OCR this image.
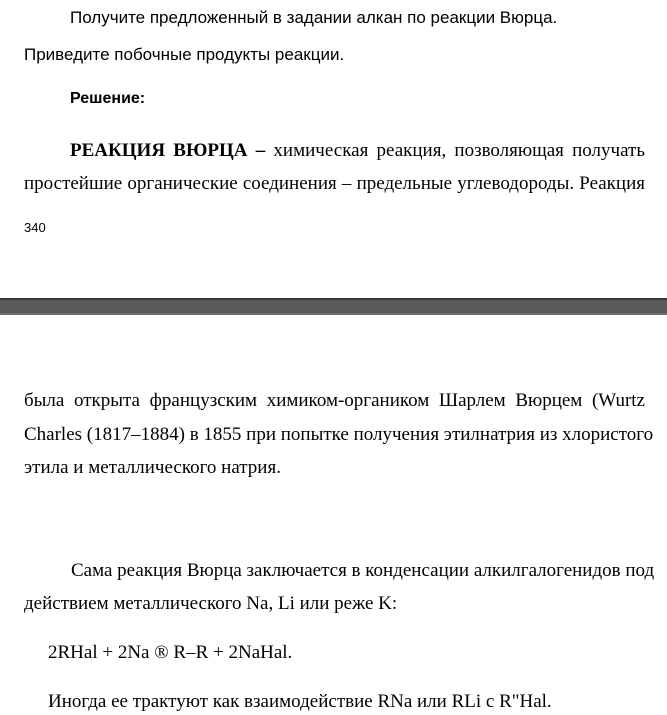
Получите предложенный в задании алкан по реакции Вюрца.
Приведите побочные продукты реакции.
Решение:
РЕАКЦИЯ ВЮРЦА – химическая реакция, позволяющая получать
простейшие органические соединения – предельные углеводороды. Реакция
340
была открыта французским химиком-органиком Шарлем Вюрцем (Wurtz
Charles (1817–1884) в 1855 при попытке получения этилнатрия из хлористого
этила и металлического натрия.
Сама реакция Вюрца заключается в конденсации алкилгалогенидов под
действием металлического Na, Li или реже K:
2RHal + 2Na ® R–R + 2NaHal.
Иногда ее трактуют как взаимодействие RNa или RLi с R"Hal.
